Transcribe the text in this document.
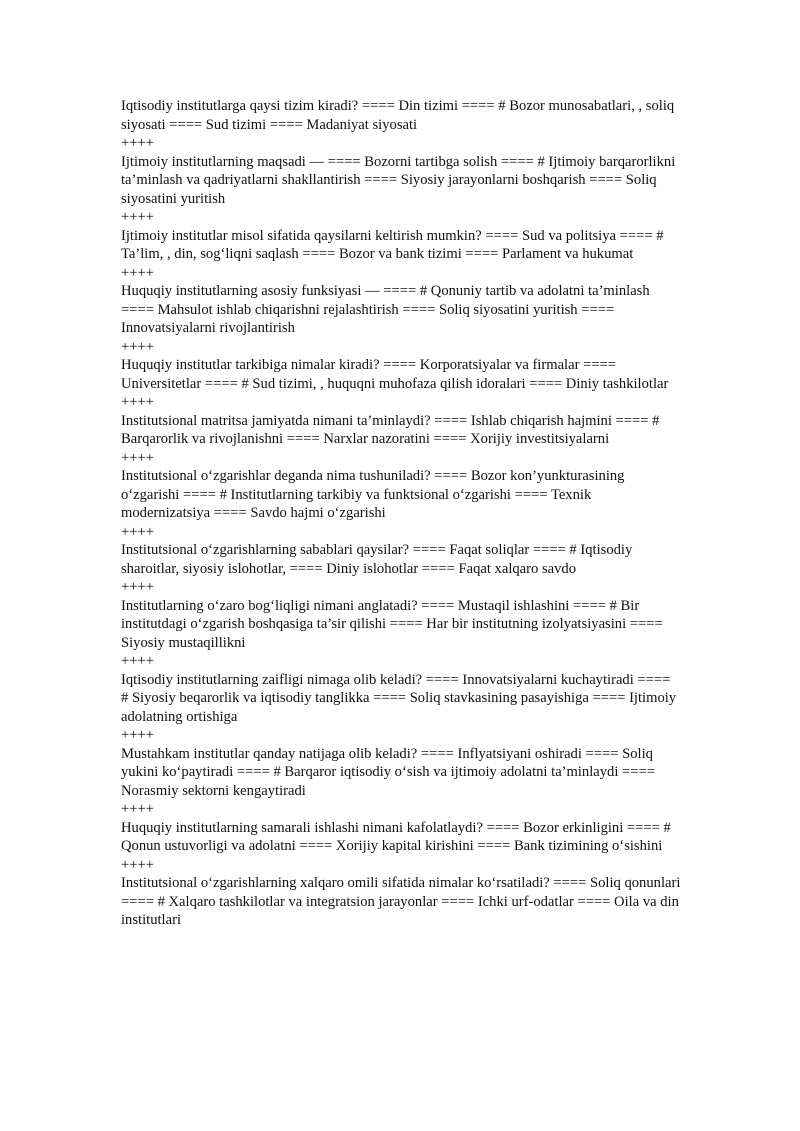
Iqtisodiy institutlarga qaysi tizim kiradi? ==== Din tizimi ==== # Bozor munosabatlari, , soliq siyosati ==== Sud tizimi ==== Madaniyat siyosati

++++

Ijtimoiy institutlarning maqsadi — ==== Bozorni tartibga solish ==== # Ijtimoiy barqarorlikni ta’minlash va qadriyatlarni shakllantirish ==== Siyosiy jarayonlarni boshqarish ==== Soliq siyosatini yuritish

++++

Ijtimoiy institutlar misol sifatida qaysilarni keltirish mumkin? ==== Sud va politsiya ==== # Ta’lim, , din, sog‘liqni saqlash ==== Bozor va bank tizimi ==== Parlament va hukumat

++++

Huquqiy institutlarning asosiy funksiyasi — ==== # Qonuniy tartib va adolatni ta’minlash ==== Mahsulot ishlab chiqarishni rejalashtirish ==== Soliq siyosatini yuritish ==== Innovatsiyalarni rivojlantirish

++++

Huquqiy institutlar tarkibiga nimalar kiradi? ==== Korporatsiyalar va firmalar ==== Universitetlar ==== # Sud tizimi, , huquqni muhofaza qilish idoralari ==== Diniy tashkilotlar

++++

Institutsional matritsa jamiyatda nimani ta’minlaydi? ==== Ishlab chiqarish hajmini ==== # Barqarorlik va rivojlanishni ==== Narxlar nazoratini ==== Xorijiy investitsiyalarni

++++

Institutsional o‘zgarishlar deganda nima tushuniladi? ==== Bozor kon’yunkturasining o‘zgarishi ==== # Institutlarning tarkibiy va funktsional o‘zgarishi ==== Texnik modernizatsiya ==== Savdo hajmi o‘zgarishi

++++

Institutsional o‘zgarishlarning sabablari qaysilar? ==== Faqat soliqlar ==== # Iqtisodiy sharoitlar, siyosiy islohotlar, ==== Diniy islohotlar ==== Faqat xalqaro savdo

++++

Institutlarning o‘zaro bog‘liqligi nimani anglatadi? ==== Mustaqil ishlashini ==== # Bir institutdagi o‘zgarish boshqasiga ta’sir qilishi ==== Har bir institutning izolyatsiyasini ==== Siyosiy mustaqillikni

++++

Iqtisodiy institutlarning zaifligi nimaga olib keladi? ==== Innovatsiyalarni kuchaytiradi ==== # Siyosiy beqarorlik va iqtisodiy tanglikka ==== Soliq stavkasining pasayishiga ==== Ijtimoiy adolatning ortishiga

++++

Mustahkam institutlar qanday natijaga olib keladi? ==== Inflyatsiyani oshiradi ==== Soliq yukini ko‘paytiradi ==== # Barqaror iqtisodiy o‘sish va ijtimoiy adolatni ta’minlaydi ==== Norasmiy sektorni kengaytiradi

++++

Huquqiy institutlarning samarali ishlashi nimani kafolatlaydi? ==== Bozor erkinligini ==== # Qonun ustuvorligi va adolatni ==== Xorijiy kapital kirishini ==== Bank tizimining o‘sishini

++++

Institutsional o‘zgarishlarning xalqaro omili sifatida nimalar ko‘rsatiladi? ==== Soliq qonunlari ==== # Xalqaro tashkilotlar va integratsion jarayonlar ==== Ichki urf-odatlar ==== Oila va din institutlari
